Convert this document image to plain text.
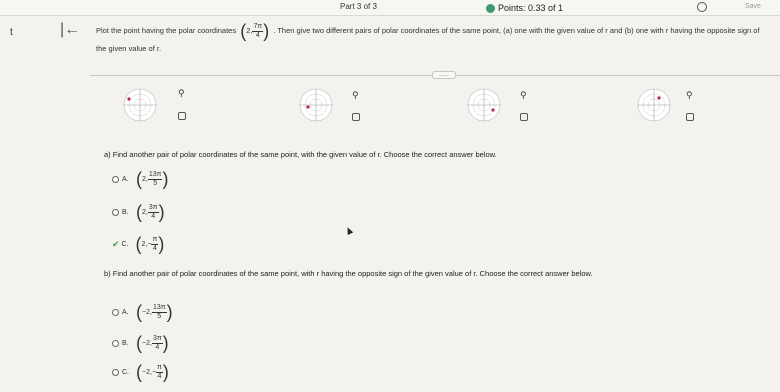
Part 3 of 3	Points: 0.33 of 1	Save
t	|← Plot the point having the polar coordinates ( 2, $\frac{7\pi}{4}$ ) . Then give two different pairs of polar coordinates of the same point, (a) one with the given value of r and (b) one with r having the opposite sign of
the given value of r.
.....
⚲	⚲	⚲	⚲
a) Find another pair of polar coordinates of the same point, with the given value of r. Choose the correct answer below.
A. ( 2, $\frac{13\pi}{5}$ )
B. ( 2, $\frac{3\pi}{4}$ )
✔ C. ( 2, − $\frac{\pi}{4}$ )
b) Find another pair of polar coordinates of the same point, with r having the opposite sign of the given value of r. Choose the correct answer below.
A. ( −2, $\frac{13\pi}{5}$ )
B. ( −2, $\frac{3\pi}{4}$ )
C. ( −2, − $\frac{\pi}{4}$ )
